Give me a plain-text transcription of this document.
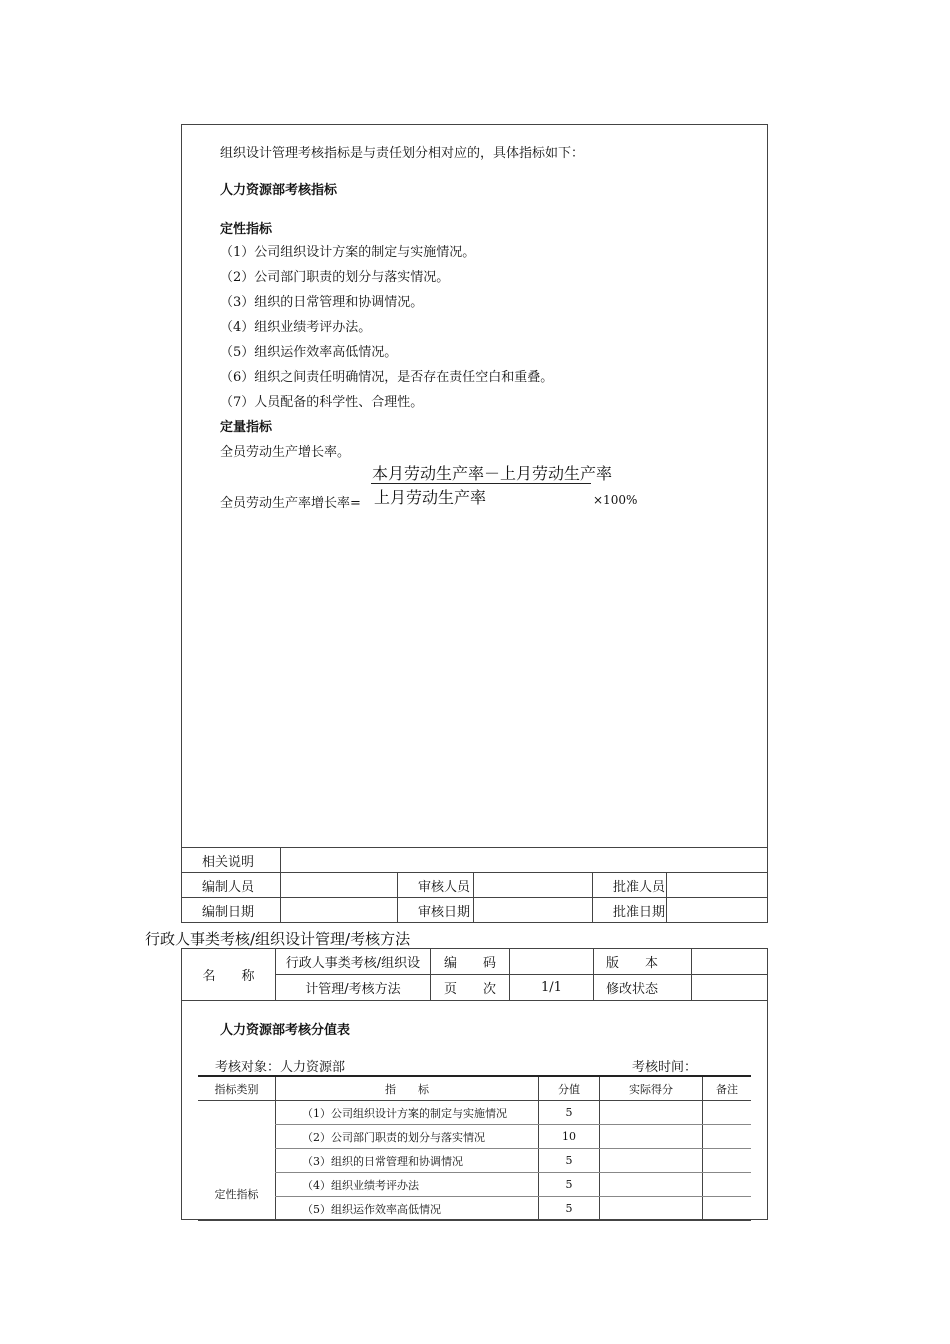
组织设计管理考核指标是与责任划分相对应的，具体指标如下：
人力资源部考核指标
定性指标
（1）公司组织设计方案的制定与实施情况。
（2）公司部门职责的划分与落实情况。
（3）组织的日常管理和协调情况。
（4）组织业绩考评办法。
（5）组织运作效率高低情况。
（6）组织之间责任明确情况，是否存在责任空白和重叠。
（7）人员配备的科学性、合理性。
定量指标
全员劳动生产增长率。
本月劳动生产率－上月劳动生产率
上月劳动生产率
全员劳动生产率增长率=	×100%
相关说明					
编制人员		审核人员		批准人员	
编制日期		审核日期		批准日期	
行政人事类考核/组织设计管理/考核方法
名　　称	行政人事类考核/组织设	编　　码		版　　本	
	计管理/考核方法	页　　次	1/1	修改状态	
人力资源部考核分值表
考核对象：人力资源部	考核时间：
指标类别	指　　标	分值	实际得分	备注
定性指标	（1）公司组织设计方案的制定与实施情况	5		
	（2）公司部门职责的划分与落实情况	10		
	（3）组织的日常管理和协调情况	5		
	（4）组织业绩考评办法	5		
	（5）组织运作效率高低情况	5		
